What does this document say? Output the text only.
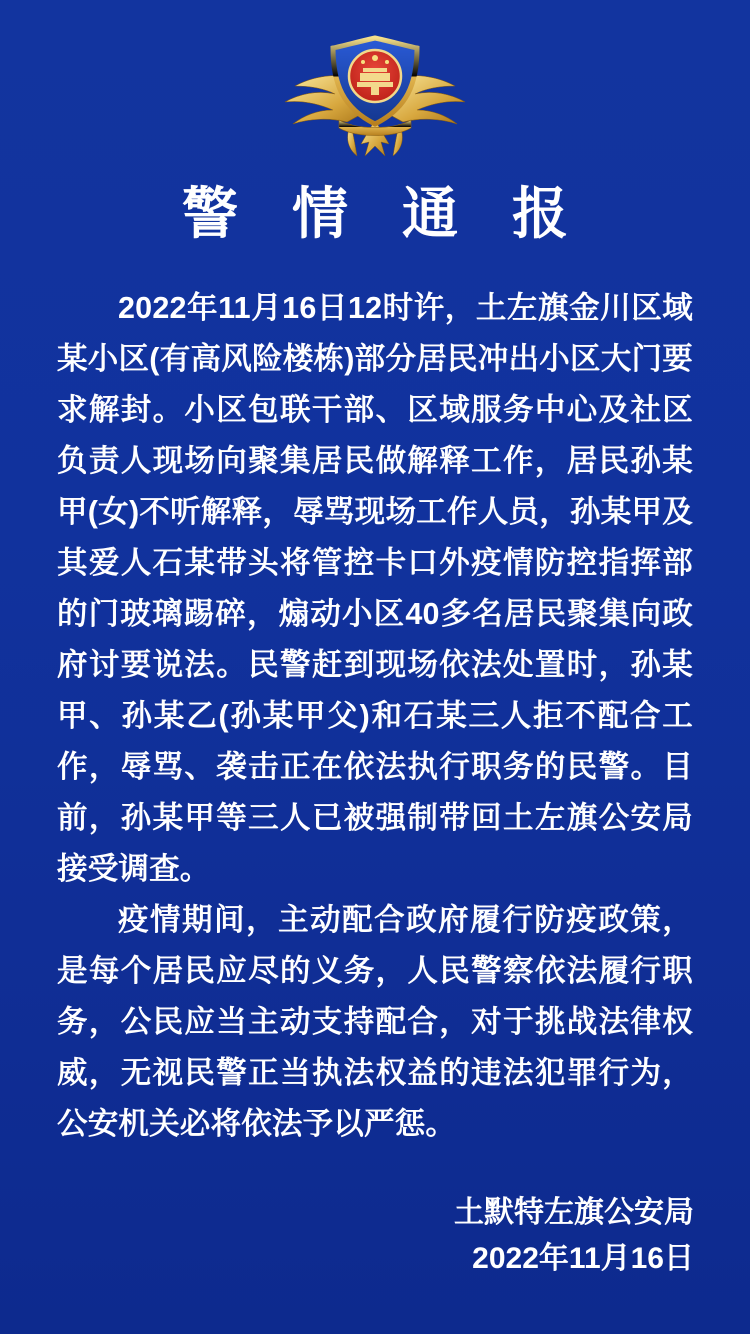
警 情 通 报

2022年11月16日12时许，土左旗金川区域某小区(有高风险楼栋)部分居民冲出小区大门要求解封。小区包联干部、区域服务中心及社区负责人现场向聚集居民做解释工作，居民孙某甲(女)不听解释，辱骂现场工作人员，孙某甲及其爱人石某带头将管控卡口外疫情防控指挥部的门玻璃踢碎，煽动小区40多名居民聚集向政府讨要说法。民警赶到现场依法处置时，孙某甲、孙某乙(孙某甲父)和石某三人拒不配合工作，辱骂、袭击正在依法执行职务的民警。目前，孙某甲等三人已被强制带回土左旗公安局接受调查。

疫情期间，主动配合政府履行防疫政策，是每个居民应尽的义务，人民警察依法履行职务，公民应当主动支持配合，对于挑战法律权威，无视民警正当执法权益的违法犯罪行为，公安机关必将依法予以严惩。

土默特左旗公安局
2022年11月16日
